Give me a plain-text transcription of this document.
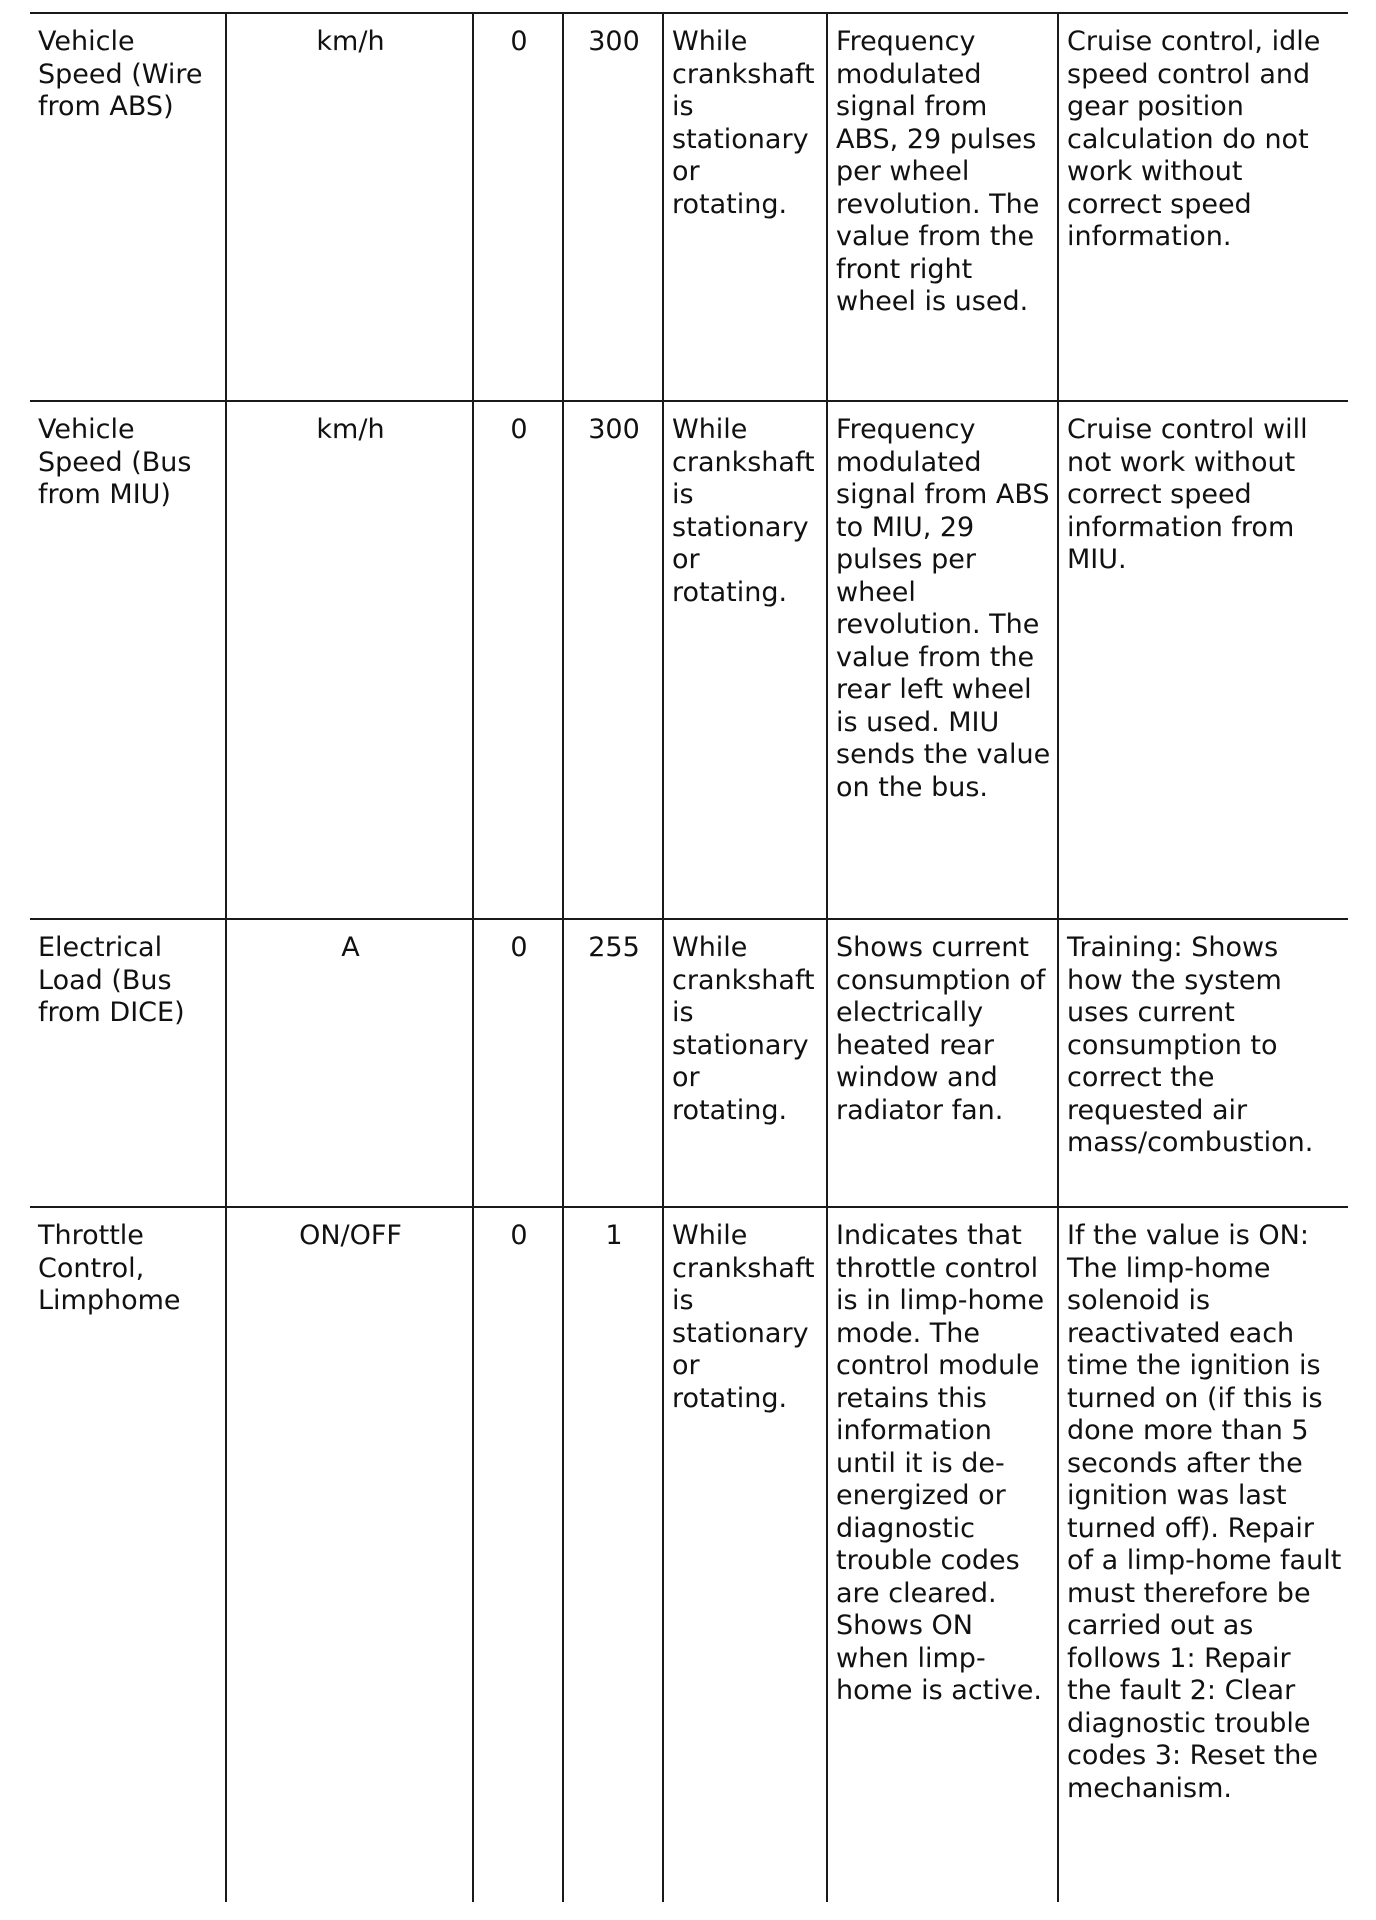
Vehicle Speed (Wire from ABS)	km/h	0	300	While crankshaft is stationary or rotating.	Frequency modulated signal from ABS, 29 pulses per wheel revolution. The value from the front right wheel is used.	Cruise control, idle speed control and gear position calculation do not work without correct speed information.
Vehicle Speed (Bus from MIU)	km/h	0	300	While crankshaft is stationary or rotating.	Frequency modulated signal from ABS to MIU, 29 pulses per wheel revolution. The value from the rear left wheel is used. MIU sends the value on the bus.	Cruise control will not work without correct speed information from MIU.
Electrical Load (Bus from DICE)	A	0	255	While crankshaft is stationary or rotating.	Shows current consumption of electrically heated rear window and radiator fan.	Training: Shows how the system uses current consumption to correct the requested air mass/combustion.
Throttle Control, Limphome	ON/OFF	0	1	While crankshaft is stationary or rotating.	Indicates that throttle control is in limp-home mode. The control module retains this information until it is de-energized or diagnostic trouble codes are cleared. Shows ON when limp-home is active.	If the value is ON: The limp-home solenoid is reactivated each time the ignition is turned on (if this is done more than 5 seconds after the ignition was last turned off). Repair of a limp-home fault must therefore be carried out as follows 1: Repair the fault 2: Clear diagnostic trouble codes 3: Reset the mechanism.
